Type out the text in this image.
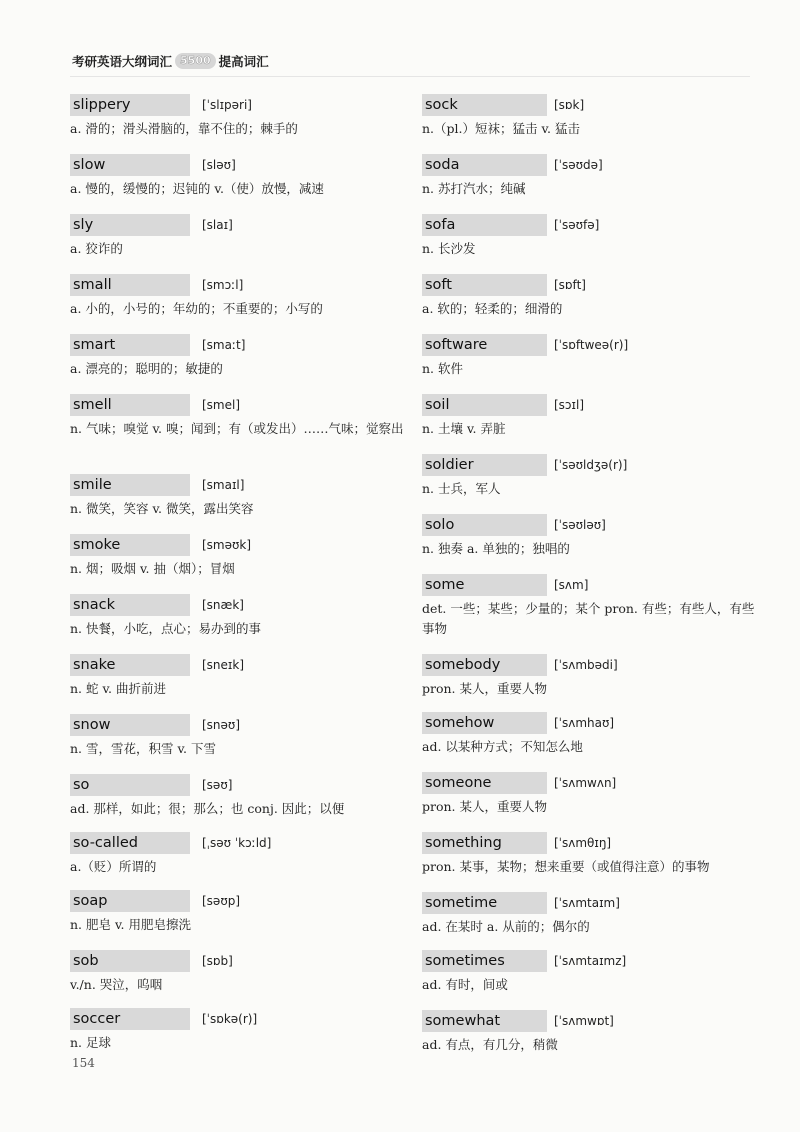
考研英语大纲词汇 5500 提高词汇
slippery	[ˈslɪpəri]
a. 滑的；滑头滑脑的，靠不住的；棘手的
slow	[sləʊ]
a. 慢的，缓慢的；迟钝的 v.（使）放慢，减速
sly	[slaɪ]
a. 狡诈的
small	[smɔːl]
a. 小的，小号的；年幼的；不重要的；小写的
smart	[smaːt]
a. 漂亮的；聪明的；敏捷的
smell	[smel]
n. 气味；嗅觉 v. 嗅；闻到；有（或发出）……气味；觉察出
smile	[smaɪl]
n. 微笑，笑容 v. 微笑，露出笑容
smoke	[sməʊk]
n. 烟；吸烟 v. 抽（烟）；冒烟
snack	[snæk]
n. 快餐，小吃，点心；易办到的事
snake	[sneɪk]
n. 蛇 v. 曲折前进
snow	[snəʊ]
n. 雪，雪花，积雪 v. 下雪
so	[səʊ]
ad. 那样，如此；很；那么；也 conj. 因此；以便
so-called	[ˌsəʊ ˈkɔːld]
a.（贬）所谓的
soap	[səʊp]
n. 肥皂 v. 用肥皂擦洗
sob	[sɒb]
v./n. 哭泣，呜咽
soccer	[ˈsɒkə(r)]
n. 足球
sock	[sɒk]
n.（pl.）短袜；猛击 v. 猛击
soda	[ˈsəʊdə]
n. 苏打汽水；纯碱
sofa	[ˈsəʊfə]
n. 长沙发
soft	[sɒft]
a. 软的；轻柔的；细滑的
software	[ˈsɒftweə(r)]
n. 软件
soil	[sɔɪl]
n. 土壤 v. 弄脏
soldier	[ˈsəʊldʒə(r)]
n. 士兵，军人
solo	[ˈsəʊləʊ]
n. 独奏 a. 单独的；独唱的
some	[sʌm]
det. 一些；某些；少量的；某个 pron. 有些；有些人，有些事物
somebody	[ˈsʌmbədi]
pron. 某人，重要人物
somehow	[ˈsʌmhaʊ]
ad. 以某种方式；不知怎么地
someone	[ˈsʌmwʌn]
pron. 某人，重要人物
something	[ˈsʌmθɪŋ]
pron. 某事，某物；想来重要（或值得注意）的事物
sometime	[ˈsʌmtaɪm]
ad. 在某时 a. 从前的；偶尔的
sometimes	[ˈsʌmtaɪmz]
ad. 有时，间或
somewhat	[ˈsʌmwɒt]
ad. 有点，有几分，稍微
154
